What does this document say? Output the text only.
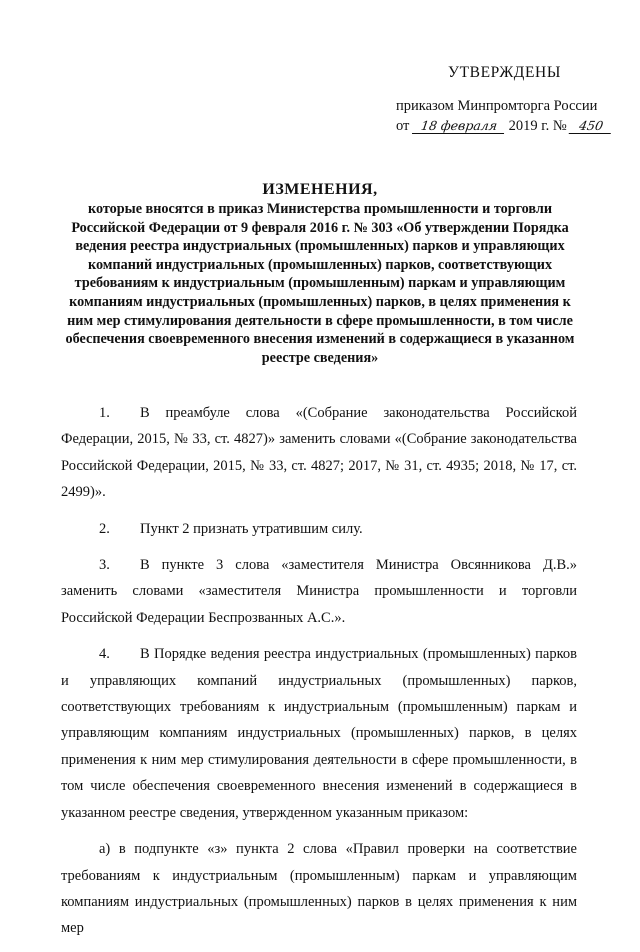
УТВЕРЖДЕНЫ
приказом Минпромторга России
от 18 февраля 2019 г. № 450
ИЗМЕНЕНИЯ,
которые вносятся в приказ Министерства промышленности и торговли Российской Федерации от 9 февраля 2016 г. № 303 «Об утверждении Порядка ведения реестра индустриальных (промышленных) парков и управляющих компаний индустриальных (промышленных) парков, соответствующих требованиям к индустриальным (промышленным) паркам и управляющим компаниям индустриальных (промышленных) парков, в целях применения к ним мер стимулирования деятельности в сфере промышленности, в том числе обеспечения своевременного внесения изменений в содержащиеся в указанном реестре сведения»

1. В преамбуле слова «(Собрание законодательства Российской Федерации, 2015, № 33, ст. 4827)» заменить словами «(Собрание законодательства Российской Федерации, 2015, № 33, ст. 4827; 2017, № 31, ст. 4935; 2018, № 17, ст. 2499)».

2. Пункт 2 признать утратившим силу.

3. В пункте 3 слова «заместителя Министра Овсянникова Д.В.» заменить словами «заместителя Министра промышленности и торговли Российской Федерации Беспрозванных А.С.».

4. В Порядке ведения реестра индустриальных (промышленных) парков и управляющих компаний индустриальных (промышленных) парков, соответствующих требованиям к индустриальным (промышленным) паркам и управляющим компаниям индустриальных (промышленных) парков, в целях применения к ним мер стимулирования деятельности в сфере промышленности, в том числе обеспечения своевременного внесения изменений в содержащиеся в указанном реестре сведения, утвержденном указанным приказом:

а) в подпункте «з» пункта 2 слова «Правил проверки на соответствие требованиям к индустриальным (промышленным) паркам и управляющим компаниям индустриальных (промышленных) парков в целях применения к ним мер
